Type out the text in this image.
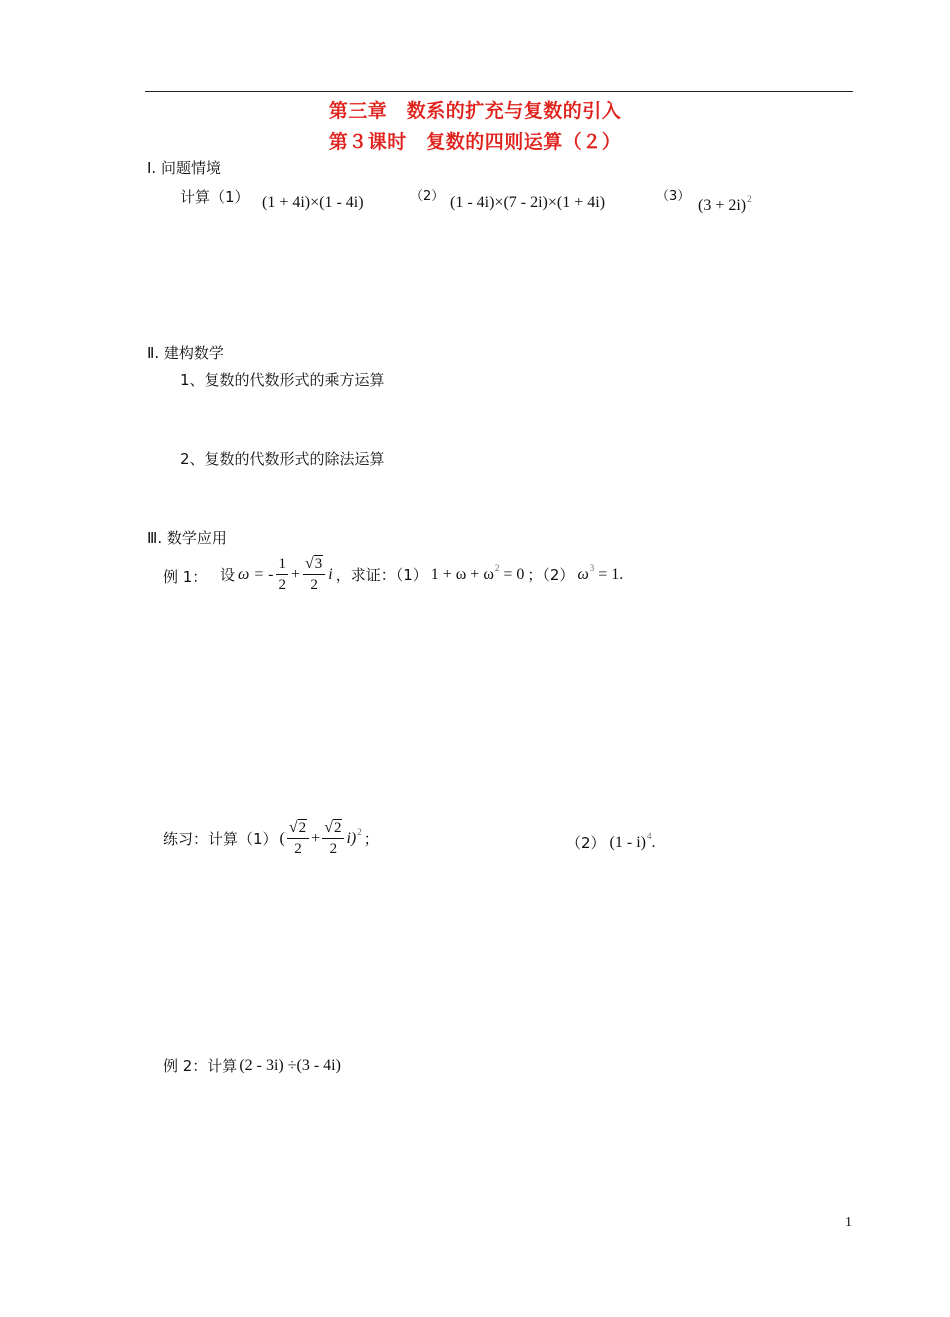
第三章　数系的扩充与复数的引入
第３课时　复数的四则运算（２）
Ⅰ. 问题情境
计算（1） (1 + 4i)×(1 - 4i)	（2） (1 - 4i)×(7 - 2i)×(1 + 4i)	（3）
$(3 + 2i)^2$
Ⅱ. 建构数学
1、复数的代数形式的乘方运算
2、复数的代数形式的除法运算
Ⅲ. 数学应用
例 1： 设 ω = - $\frac{1}{2} + \frac{√3}{2}$ i ，求证：（1） $1 + \omega + \omega^2 = 0$ ；（2） $\omega^3 = 1$.
练习：计算（1） ( $\frac{√2}{2} + \frac{√2}{2} i)^2$ ；	（2） (1 - i)$^4$.
例 2：计算 (2 - 3i) ÷(3 - 4i)
1
